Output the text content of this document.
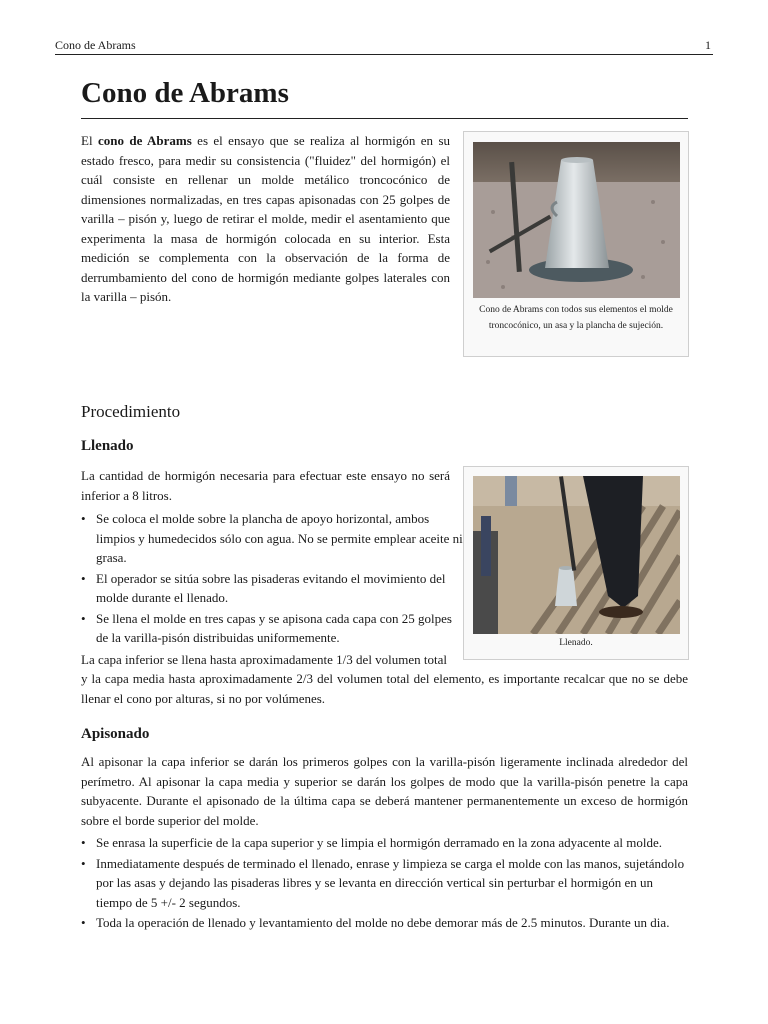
Cono de Abrams	1
Cono de Abrams

El cono de Abrams es el ensayo que se realiza al hormigón en su estado fresco, para medir su consistencia ("fluidez" del hormigón) el cuál consiste en rellenar un molde metálico troncocónico de dimensiones normalizadas, en tres capas apisonadas con 25 golpes de varilla – pisón y, luego de retirar el molde, medir el asentamiento que experimenta la masa de hormigón colocada en su interior. Esta medición se complementa con la observación de la forma de derrumbamiento del cono de hormigón mediante golpes laterales con la varilla – pisón.

Cono de Abrams con todos sus elementos el molde troncocónico, un asa y la plancha de sujeción.
Procedimiento
Llenado

La cantidad de hormigón necesaria para efectuar este ensayo no será inferior a 8 litros.

• Se coloca el molde sobre la plancha de apoyo horizontal, ambos limpios y humedecidos sólo con agua. No se permite emplear aceite ni grasa.
• El operador se sitúa sobre las pisaderas evitando el movimiento del molde durante el llenado.
• Se llena el molde en tres capas y se apisona cada capa con 25 golpes de la varilla-pisón distribuidas uniformemente.	Llenado.

La capa inferior se llena hasta aproximadamente 1/3 del volumen total

y la capa media hasta aproximadamente 2/3 del volumen total del elemento, es importante recalcar que no se debe llenar el cono por alturas, si no por volúmenes.

Apisonado

Al apisonar la capa inferior se darán los primeros golpes con la varilla-pisón ligeramente inclinada alrededor del perímetro. Al apisonar la capa media y superior se darán los golpes de modo que la varilla-pisón penetre la capa subyacente. Durante el apisonado de la última capa se deberá mantener permanentemente un exceso de hormigón sobre el borde superior del molde.

• Se enrasa la superficie de la capa superior y se limpia el hormigón derramado en la zona adyacente al molde.
• Inmediatamente después de terminado el llenado, enrase y limpieza se carga el molde con las manos, sujetándolo por las asas y dejando las pisaderas libres y se levanta en dirección vertical sin perturbar el hormigón en un tiempo de 5 +/- 2 segundos.
• Toda la operación de llenado y levantamiento del molde no debe demorar más de 2.5 minutos. Durante un dia.
